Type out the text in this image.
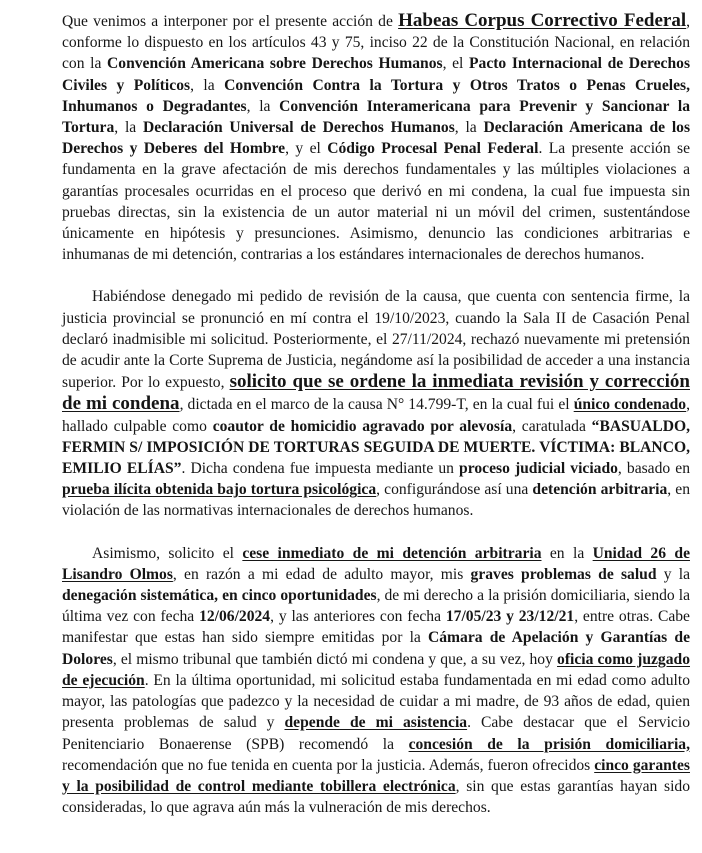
Que venimos a interponer por el presente acción de Habeas Corpus Correctivo Federal, conforme lo dispuesto en los artículos 43 y 75, inciso 22 de la Constitución Nacional, en relación con la Convención Americana sobre Derechos Humanos, el Pacto Internacional de Derechos Civiles y Políticos, la Convención Contra la Tortura y Otros Tratos o Penas Crueles, Inhumanos o Degradantes, la Convención Interamericana para Prevenir y Sancionar la Tortura, la Declaración Universal de Derechos Humanos, la Declaración Americana de los Derechos y Deberes del Hombre, y el Código Procesal Penal Federal. La presente acción se fundamenta en la grave afectación de mis derechos fundamentales y las múltiples violaciones a garantías procesales ocurridas en el proceso que derivó en mi condena, la cual fue impuesta sin pruebas directas, sin la existencia de un autor material ni un móvil del crimen, sustentándose únicamente en hipótesis y presunciones. Asimismo, denuncio las condiciones arbitrarias e inhumanas de mi detención, contrarias a los estándares internacionales de derechos humanos.

Habiéndose denegado mi pedido de revisión de la causa, que cuenta con sentencia firme, la justicia provincial se pronunció en mí contra el 19/10/2023, cuando la Sala II de Casación Penal declaró inadmisible mi solicitud. Posteriormente, el 27/11/2024, rechazó nuevamente mi pretensión de acudir ante la Corte Suprema de Justicia, negándome así la posibilidad de acceder a una instancia superior. Por lo expuesto, solicito que se ordene la inmediata revisión y corrección de mi condena, dictada en el marco de la causa N° 14.799-T, en la cual fui el único condenado, hallado culpable como coautor de homicidio agravado por alevosía, caratulada “BASUALDO, FERMIN S/ IMPOSICIÓN DE TORTURAS SEGUIDA DE MUERTE. VÍCTIMA: BLANCO, EMILIO ELÍAS”. Dicha condena fue impuesta mediante un proceso judicial viciado, basado en prueba ilícita obtenida bajo tortura psicológica, configurándose así una detención arbitraria, en violación de las normativas internacionales de derechos humanos.

Asimismo, solicito el cese inmediato de mi detención arbitraria en la Unidad 26 de Lisandro Olmos, en razón a mi edad de adulto mayor, mis graves problemas de salud y la denegación sistemática, en cinco oportunidades, de mi derecho a la prisión domiciliaria, siendo la última vez con fecha 12/06/2024, y las anteriores con fecha 17/05/23 y 23/12/21, entre otras. Cabe manifestar que estas han sido siempre emitidas por la Cámara de Apelación y Garantías de Dolores, el mismo tribunal que también dictó mi condena y que, a su vez, hoy oficia como juzgado de ejecución. En la última oportunidad, mi solicitud estaba fundamentada en mi edad como adulto mayor, las patologías que padezco y la necesidad de cuidar a mi madre, de 93 años de edad, quien presenta problemas de salud y depende de mi asistencia. Cabe destacar que el Servicio Penitenciario Bonaerense (SPB) recomendó la concesión de la prisión domiciliaria, recomendación que no fue tenida en cuenta por la justicia. Además, fueron ofrecidos cinco garantes y la posibilidad de control mediante tobillera electrónica, sin que estas garantías hayan sido consideradas, lo que agrava aún más la vulneración de mis derechos.
